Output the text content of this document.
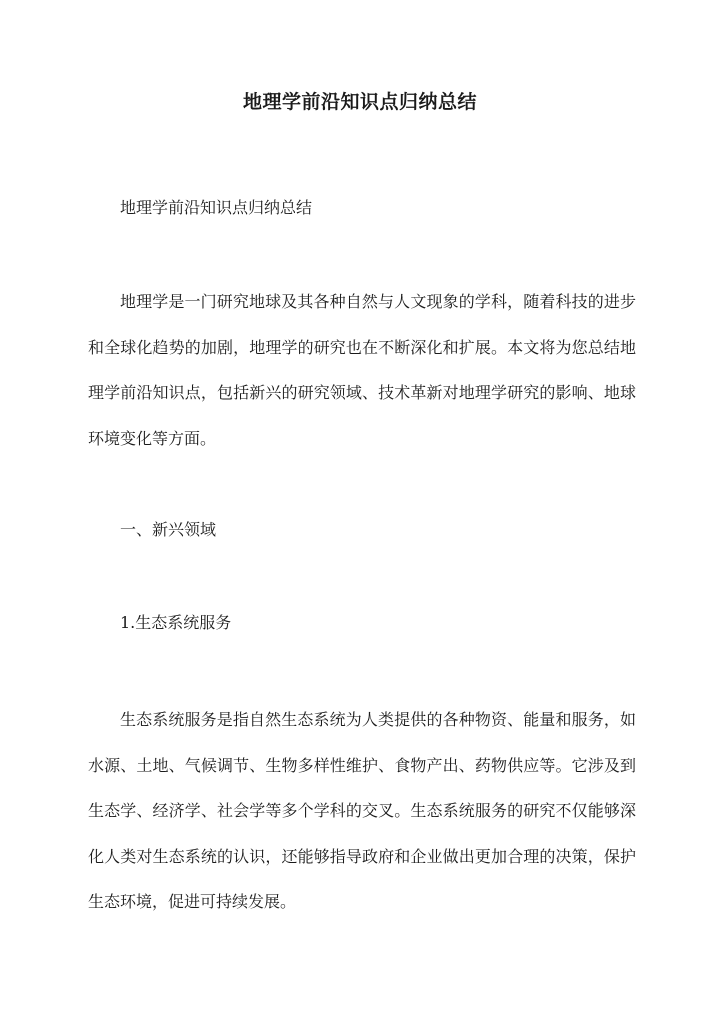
地理学前沿知识点归纳总结

地理学前沿知识点归纳总结

地理学是一门研究地球及其各种自然与人文现象的学科，随着科技的进步和全球化趋势的加剧，地理学的研究也在不断深化和扩展。本文将为您总结地理学前沿知识点，包括新兴的研究领域、技术革新对地理学研究的影响、地球环境变化等方面。

一、新兴领域

1.生态系统服务

生态系统服务是指自然生态系统为人类提供的各种物资、能量和服务，如水源、土地、气候调节、生物多样性维护、食物产出、药物供应等。它涉及到生态学、经济学、社会学等多个学科的交叉。生态系统服务的研究不仅能够深化人类对生态系统的认识，还能够指导政府和企业做出更加合理的决策，保护生态环境，促进可持续发展。
